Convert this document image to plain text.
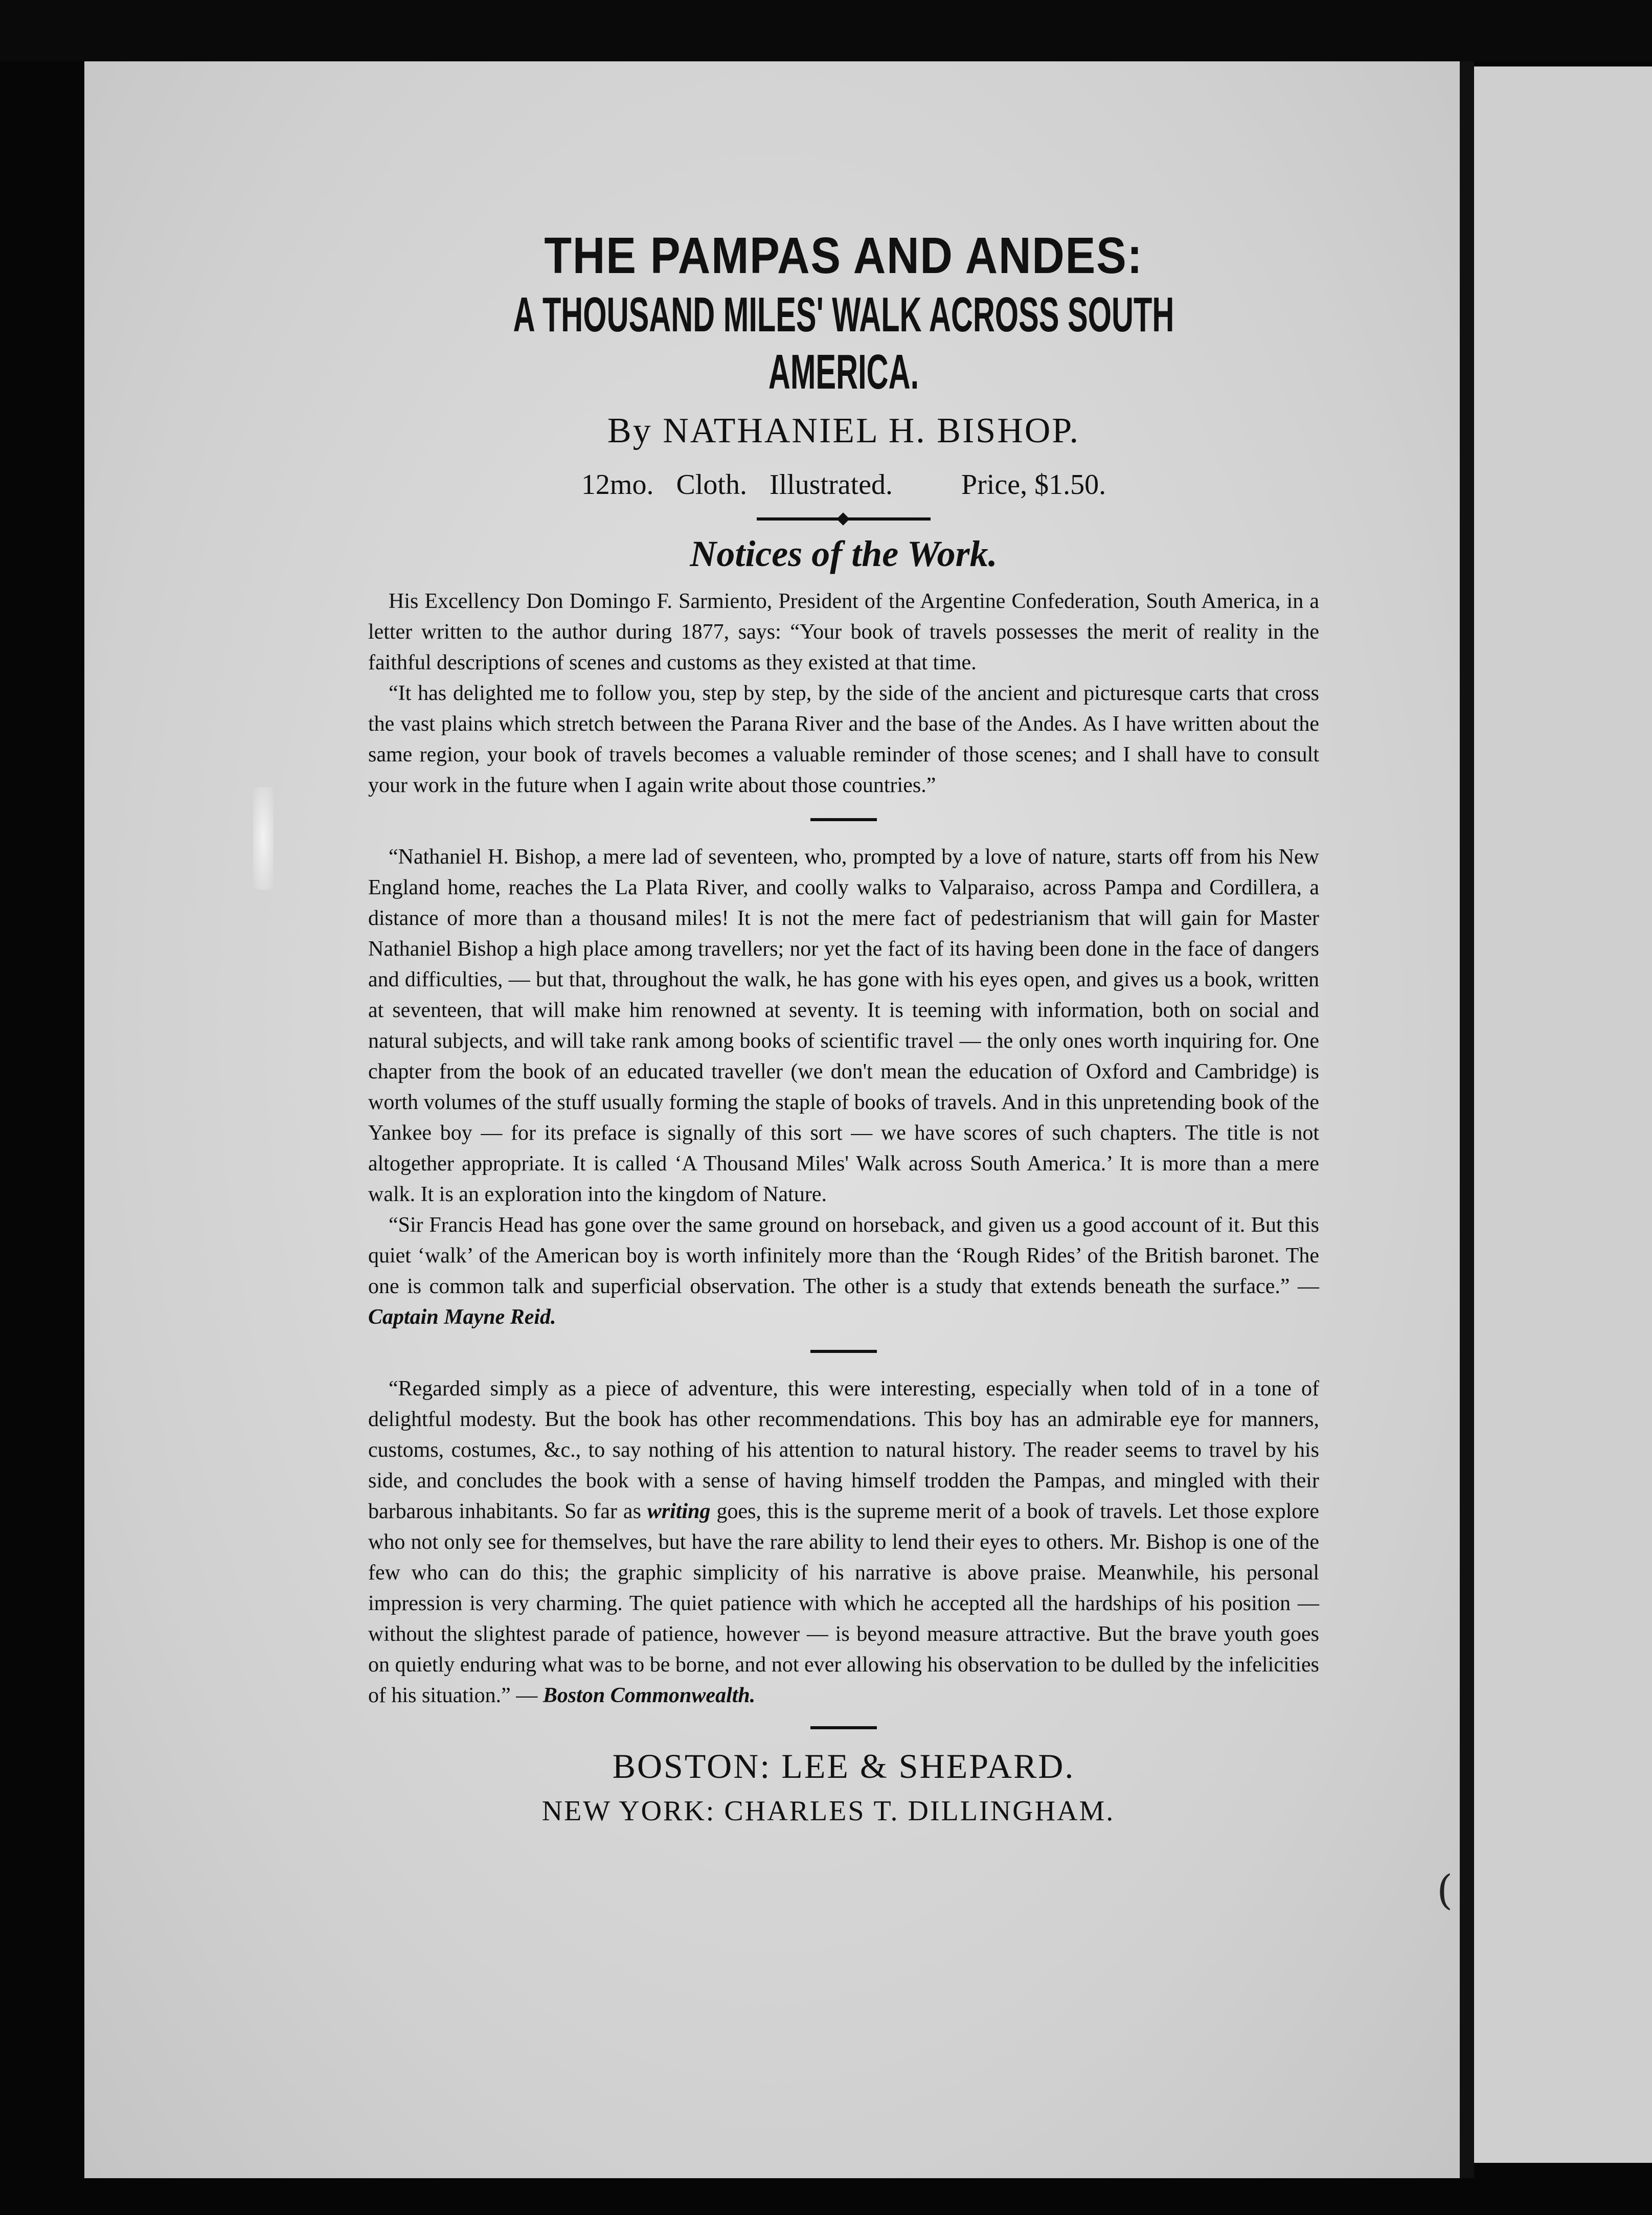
THE PAMPAS AND ANDES:
A THOUSAND MILES' WALK ACROSS SOUTH AMERICA.
By NATHANIEL H. BISHOP.
12mo. Cloth. Illustrated. Price, $1.50.
Notices of the Work.

His Excellency Don Domingo F. Sarmiento, President of the Argentine Confederation, South America, in a letter written to the author during 1877, says: “Your book of travels possesses the merit of reality in the faithful descriptions of scenes and customs as they existed at that time.

“It has delighted me to follow you, step by step, by the side of the ancient and picturesque carts that cross the vast plains which stretch between the Parana River and the base of the Andes. As I have written about the same region, your book of travels becomes a valuable reminder of those scenes; and I shall have to consult your work in the future when I again write about those countries.”

“Nathaniel H. Bishop, a mere lad of seventeen, who, prompted by a love of nature, starts off from his New England home, reaches the La Plata River, and coolly walks to Valparaiso, across Pampa and Cordillera, a distance of more than a thousand miles! It is not the mere fact of pedestrianism that will gain for Master Nathaniel Bishop a high place among travellers; nor yet the fact of its having been done in the face of dangers and difficulties, — but that, throughout the walk, he has gone with his eyes open, and gives us a book, written at seventeen, that will make him renowned at seventy. It is teeming with information, both on social and natural subjects, and will take rank among books of scientific travel — the only ones worth inquiring for. One chapter from the book of an educated traveller (we don't mean the education of Oxford and Cambridge) is worth volumes of the stuff usually forming the staple of books of travels. And in this unpretending book of the Yankee boy — for its preface is signally of this sort — we have scores of such chapters. The title is not altogether appropriate. It is called ‘A Thousand Miles' Walk across South America.’ It is more than a mere walk. It is an exploration into the kingdom of Nature.

“Sir Francis Head has gone over the same ground on horseback, and given us a good account of it. But this quiet ‘walk’ of the American boy is worth infinitely more than the ‘Rough Rides’ of the British baronet. The one is common talk and superficial observation. The other is a study that extends beneath the surface.” — Captain Mayne Reid.

“Regarded simply as a piece of adventure, this were interesting, especially when told of in a tone of delightful modesty. But the book has other recommendations. This boy has an admirable eye for manners, customs, costumes, &c., to say nothing of his attention to natural history. The reader seems to travel by his side, and concludes the book with a sense of having himself trodden the Pampas, and mingled with their barbarous inhabitants. So far as writing goes, this is the supreme merit of a book of travels. Let those explore who not only see for themselves, but have the rare ability to lend their eyes to others. Mr. Bishop is one of the few who can do this; the graphic simplicity of his narrative is above praise. Meanwhile, his personal impression is very charming. The quiet patience with which he accepted all the hardships of his position — without the slightest parade of patience, however — is beyond measure attractive. But the brave youth goes on quietly enduring what was to be borne, and not ever allowing his observation to be dulled by the infelicities of his situation.” — Boston Commonwealth.

BOSTON: LEE & SHEPARD.
NEW YORK: CHARLES T. DILLINGHAM.
(
